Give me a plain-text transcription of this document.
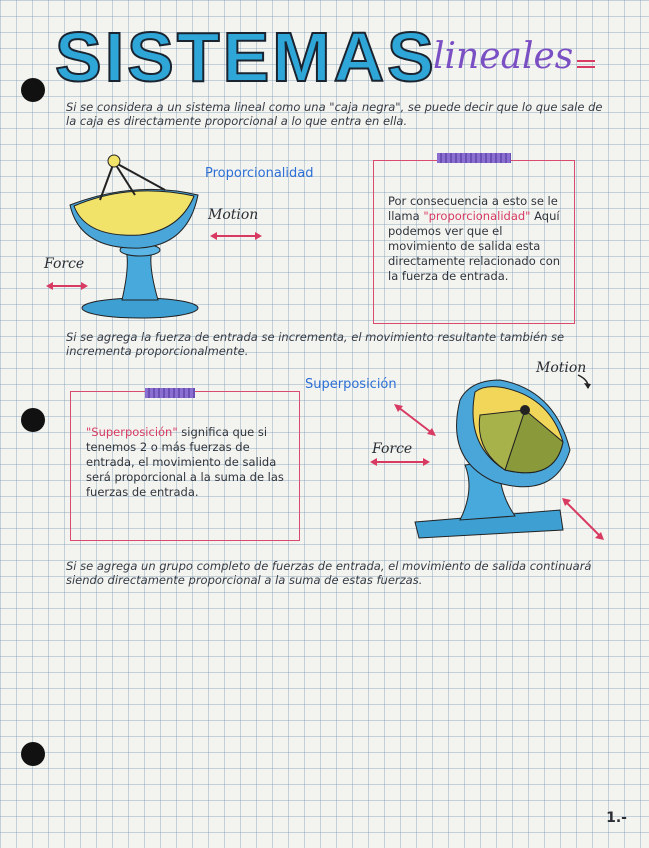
SISTEMAS
lineales

Si se considera a un sistema lineal como una "caja negra", se puede decir que lo que sale de la caja es directamente proporcional a lo que entra en ella.

Proporcionalidad
Motion
Force
Por consecuencia a esto se le llama "proporcionalidad" Aquí podemos ver que el movimiento de salida esta directamente relacionado con la fuerza de entrada.

Si se agrega la fuerza de entrada se incrementa, el movimiento resultante también se incrementa proporcionalmente.

Superposición
"Superposición" significa que si tenemos 2 o más fuerzas de entrada, el movimiento de salida será proporcional a la suma de las fuerzas de entrada.
Motion
Force

Si se agrega un grupo completo de fuerzas de entrada, el movimiento de salida continuará siendo directamente proporcional a la suma de estas fuerzas.

1.-
